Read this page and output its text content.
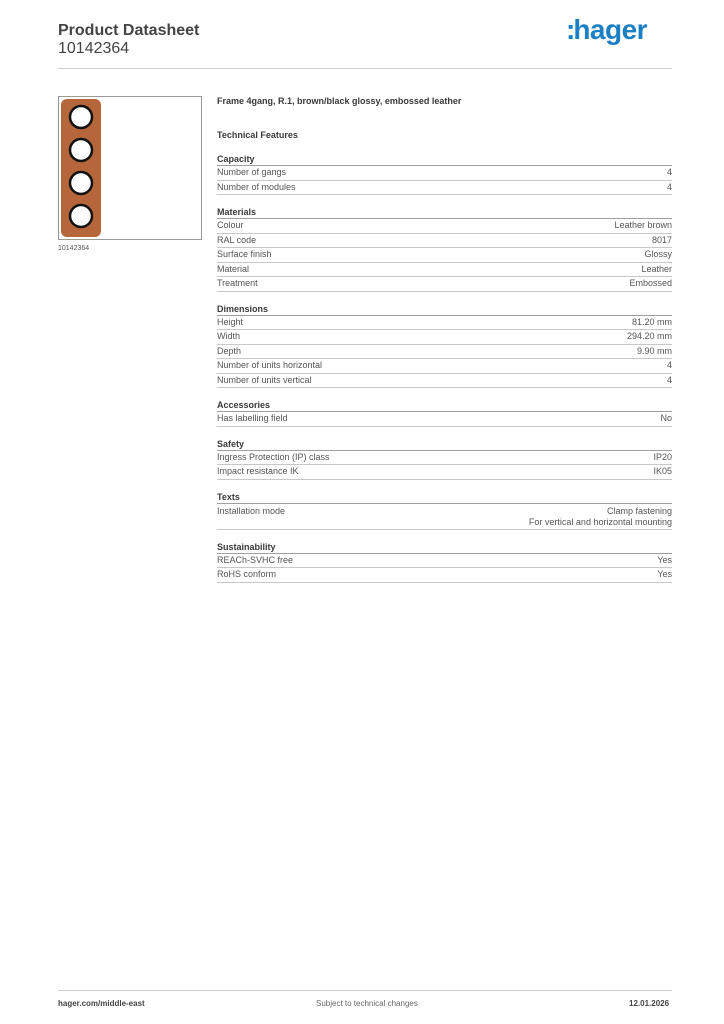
Product Datasheet
10142364
:hager
10142364
Frame 4gang, R.1, brown/black glossy, embossed leather
Technical Features
Capacity
Number of gangs	4
Number of modules	4
Materials
Colour	Leather brown
RAL code	8017
Surface finish	Glossy
Material	Leather
Treatment	Embossed
Dimensions
Height	81.20 mm
Width	294.20 mm
Depth	9.90 mm
Number of units horizontal	4
Number of units vertical	4
Accessories
Has labelling field	No
Safety
Ingress Protection (IP) class	IP20
Impact resistance IK	IK05
Texts
Installation mode	Clamp fastening
For vertical and horizontal mounting
Sustainability
REACh-SVHC free	Yes
RoHS conform	Yes
hager.com/middle-east	Subject to technical changes	12.01.2026
